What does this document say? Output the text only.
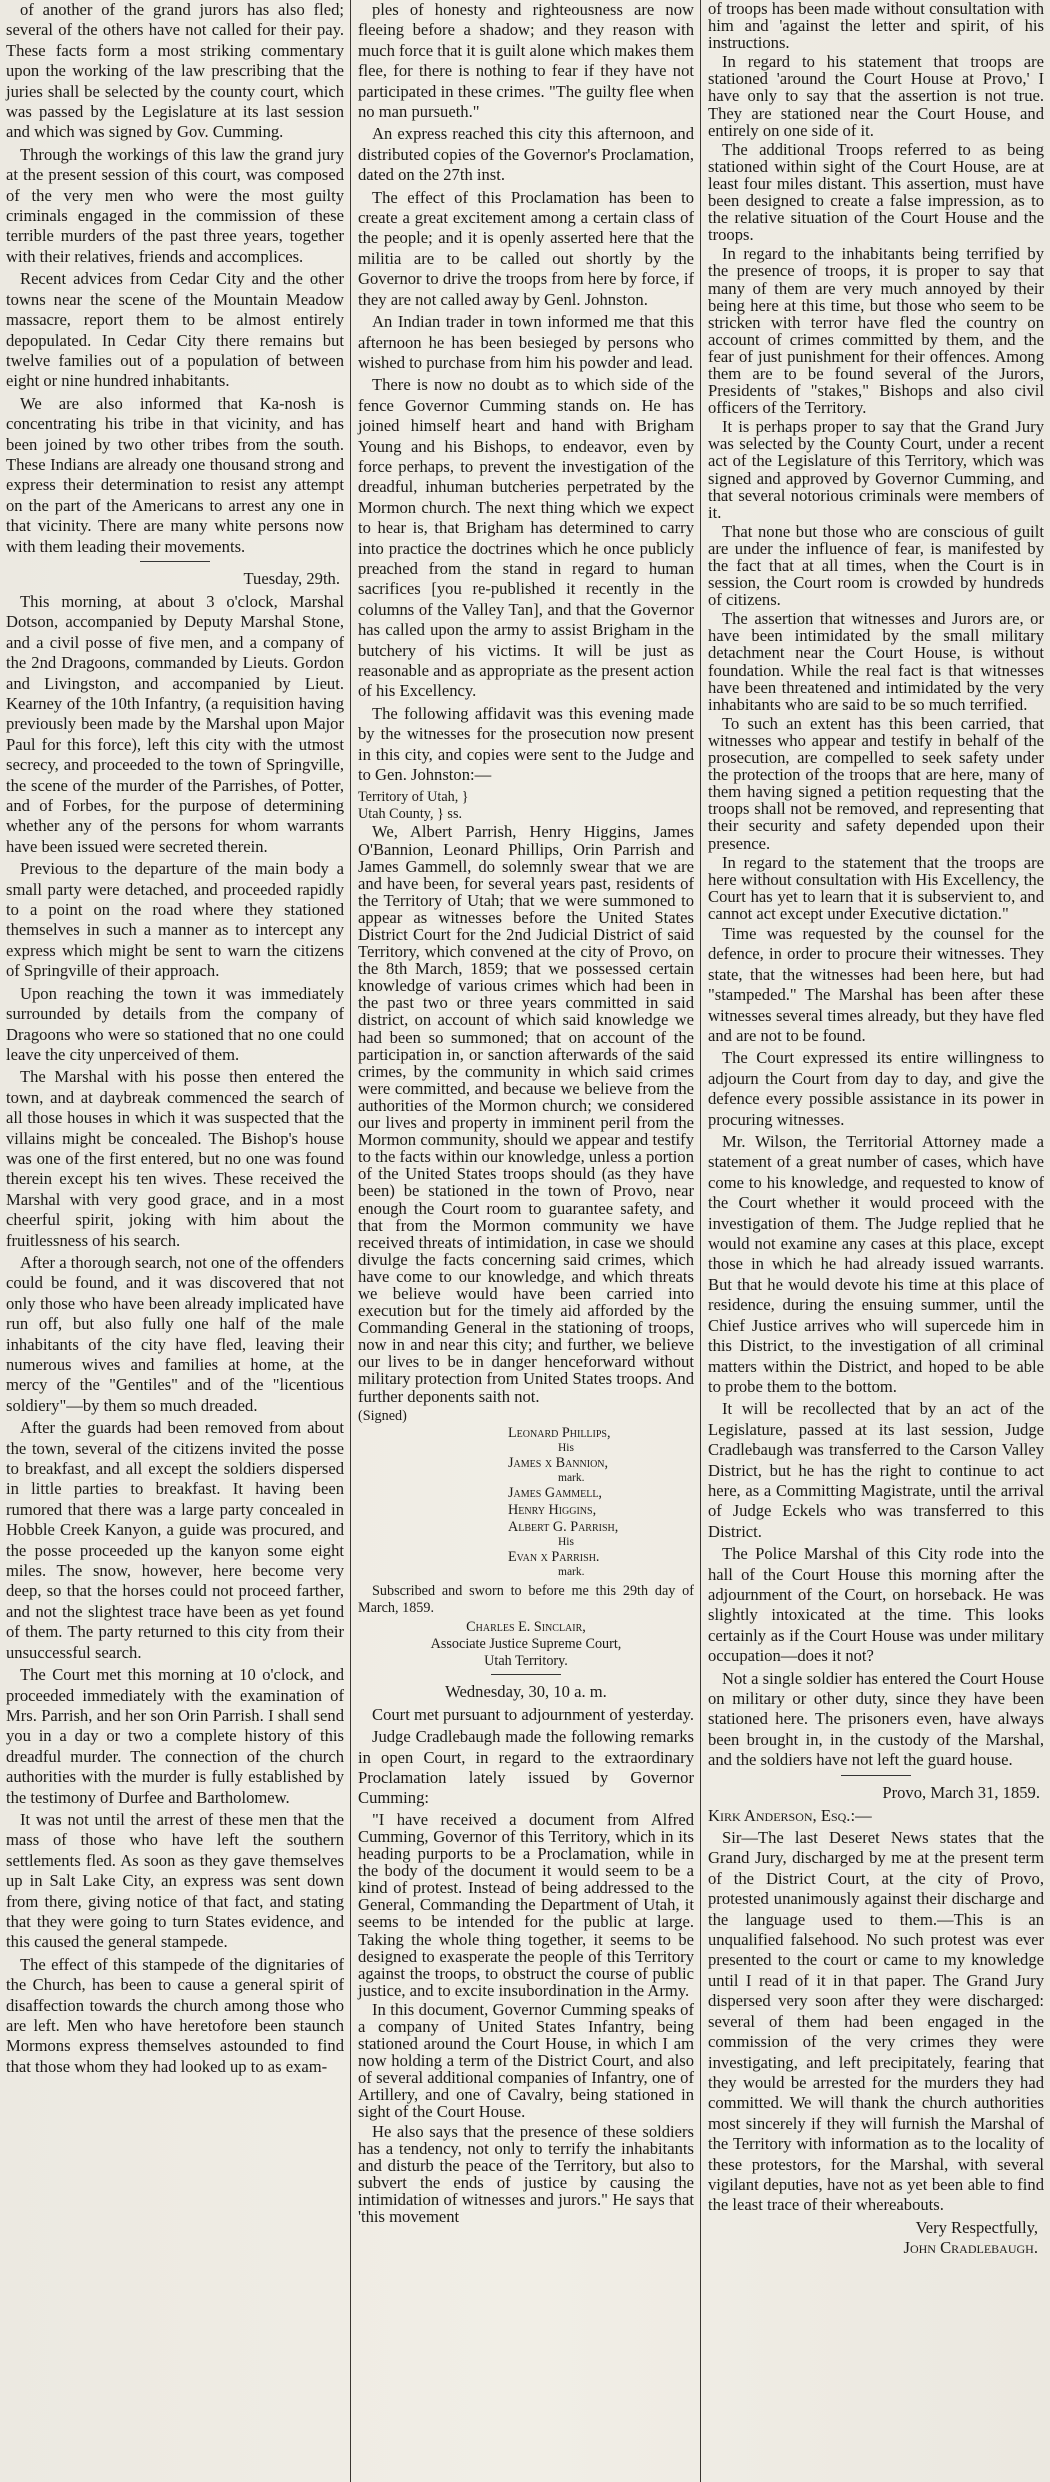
of another of the grand jurors has also fled; several of the others have not called for their pay. These facts form a most striking commentary upon the working of the law prescribing that the juries shall be selected by the county court, which was passed by the Legislature at its last session and which was signed by Gov. Cumming.

Through the workings of this law the grand jury at the present session of this court, was composed of the very men who were the most guilty criminals engaged in the commission of these terrible murders of the past three years, together with their relatives, friends and accomplices.

Recent advices from Cedar City and the other towns near the scene of the Mountain Meadow massacre, report them to be almost entirely depopulated. In Cedar City there remains but twelve families out of a population of between eight or nine hundred inhabitants.

We are also informed that Ka-nosh is concentrating his tribe in that vicinity, and has been joined by two other tribes from the south. These Indians are already one thousand strong and express their determination to resist any attempt on the part of the Americans to arrest any one in that vicinity. There are many white persons now with them leading their movements.

Tuesday, 29th.

This morning, at about 3 o'clock, Marshal Dotson, accompanied by Deputy Marshal Stone, and a civil posse of five men, and a company of the 2nd Dragoons, commanded by Lieuts. Gordon and Livingston, and accompanied by Lieut. Kearney of the 10th Infantry, (a requisition having previously been made by the Marshal upon Major Paul for this force), left this city with the utmost secrecy, and proceeded to the town of Springville, the scene of the murder of the Parrishes, of Potter, and of Forbes, for the purpose of determining whether any of the persons for whom warrants have been issued were secreted therein.

Previous to the departure of the main body a small party were detached, and proceeded rapidly to a point on the road where they stationed themselves in such a manner as to intercept any express which might be sent to warn the citizens of Springville of their approach.

Upon reaching the town it was immediately surrounded by details from the company of Dragoons who were so stationed that no one could leave the city unperceived of them.

The Marshal with his posse then entered the town, and at daybreak commenced the search of all those houses in which it was suspected that the villains might be concealed. The Bishop's house was one of the first entered, but no one was found therein except his ten wives. These received the Marshal with very good grace, and in a most cheerful spirit, joking with him about the fruitlessness of his search.

After a thorough search, not one of the offenders could be found, and it was discovered that not only those who have been already implicated have run off, but also fully one half of the male inhabitants of the city have fled, leaving their numerous wives and families at home, at the mercy of the "Gentiles" and of the "licentious soldiery"—by them so much dreaded.

After the guards had been removed from about the town, several of the citizens invited the posse to breakfast, and all except the soldiers dispersed in little parties to breakfast. It having been rumored that there was a large party concealed in Hobble Creek Kanyon, a guide was procured, and the posse proceeded up the kanyon some eight miles. The snow, however, here become very deep, so that the horses could not proceed farther, and not the slightest trace have been as yet found of them. The party returned to this city from their unsuccessful search.

The Court met this morning at 10 o'clock, and proceeded immediately with the examination of Mrs. Parrish, and her son Orin Parrish. I shall send you in a day or two a complete history of this dreadful murder. The connection of the church authorities with the murder is fully established by the testimony of Durfee and Bartholomew.

It was not until the arrest of these men that the mass of those who have left the southern settlements fled. As soon as they gave themselves up in Salt Lake City, an express was sent down from there, giving notice of that fact, and stating that they were going to turn States evidence, and this caused the general stampede.

The effect of this stampede of the dignitaries of the Church, has been to cause a general spirit of disaffection towards the church among those who are left. Men who have heretofore been staunch Mormons express themselves astounded to find that those whom they had looked up to as exam-

ples of honesty and righteousness are now fleeing before a shadow; and they reason with much force that it is guilt alone which makes them flee, for there is nothing to fear if they have not participated in these crimes. "The guilty flee when no man pursueth."

An express reached this city this afternoon, and distributed copies of the Governor's Proclamation, dated on the 27th inst.

The effect of this Proclamation has been to create a great excitement among a certain class of the people; and it is openly asserted here that the militia are to be called out shortly by the Governor to drive the troops from here by force, if they are not called away by Genl. Johnston.

An Indian trader in town informed me that this afternoon he has been besieged by persons who wished to purchase from him his powder and lead.

There is now no doubt as to which side of the fence Governor Cumming stands on. He has joined himself heart and hand with Brigham Young and his Bishops, to endeavor, even by force perhaps, to prevent the investigation of the dreadful, inhuman butcheries perpetrated by the Mormon church. The next thing which we expect to hear is, that Brigham has determined to carry into practice the doctrines which he once publicly preached from the stand in regard to human sacrifices [you re-published it recently in the columns of the Valley Tan], and that the Governor has called upon the army to assist Brigham in the butchery of his victims. It will be just as reasonable and as appropriate as the present action of his Excellency.

The following affidavit was this evening made by the witnesses for the prosecution now present in this city, and copies were sent to the Judge and to Gen. Johnston:—

Territory of Utah, }

Utah County, } ss.

We, Albert Parrish, Henry Higgins, James O'Bannion, Leonard Phillips, Orin Parrish and James Gammell, do solemnly swear that we are and have been, for several years past, residents of the Territory of Utah; that we were summoned to appear as witnesses before the United States District Court for the 2nd Judicial District of said Territory, which convened at the city of Provo, on the 8th March, 1859; that we possessed certain knowledge of various crimes which had been in the past two or three years committed in said district, on account of which said knowledge we had been so summoned; that on account of the participation in, or sanction afterwards of the said crimes, by the community in which said crimes were committed, and because we believe from the authorities of the Mormon church; we considered our lives and property in imminent peril from the Mormon community, should we appear and testify to the facts within our knowledge, unless a portion of the United States troops should (as they have been) be stationed in the town of Provo, near enough the Court room to guarantee safety, and that from the Mormon community we have received threats of intimidation, in case we should divulge the facts concerning said crimes, which have come to our knowledge, and which threats we believe would have been carried into execution but for the timely aid afforded by the Commanding General in the stationing of troops, now in and near this city; and further, we believe our lives to be in danger henceforward without military protection from United States troops. And further deponents saith not.

(Signed)
Leonard Phillips,
His
James x Bannion,
mark.
James Gammell,
Henry Higgins,
Albert G. Parrish,
His
Evan x Parrish.
mark.

Subscribed and sworn to before me this 29th day of March, 1859.

Charles E. Sinclair,

Associate Justice Supreme Court,

Utah Territory.

Wednesday, 30, 10 a. m.

Court met pursuant to adjournment of yesterday.

Judge Cradlebaugh made the following remarks in open Court, in regard to the extraordinary Proclamation lately issued by Governor Cumming:

"I have received a document from Alfred Cumming, Governor of this Territory, which in its heading purports to be a Proclamation, while in the body of the document it would seem to be a kind of protest. Instead of being addressed to the General, Commanding the Department of Utah, it seems to be intended for the public at large. Taking the whole thing together, it seems to be designed to exasperate the people of this Territory against the troops, to obstruct the course of public justice, and to excite insubordination in the Army.

In this document, Governor Cumming speaks of a company of United States Infantry, being stationed around the Court House, in which I am now holding a term of the District Court, and also of several additional companies of Infantry, one of Artillery, and one of Cavalry, being stationed in sight of the Court House.

He also says that the presence of these soldiers has a tendency, not only to terrify the inhabitants and disturb the peace of the Territory, but also to subvert the ends of justice by causing the intimidation of witnesses and jurors." He says that 'this movement

of troops has been made without consultation with him and 'against the letter and spirit, of his instructions.

In regard to his statement that troops are stationed 'around the Court House at Provo,' I have only to say that the assertion is not true. They are stationed near the Court House, and entirely on one side of it.

The additional Troops referred to as being stationed within sight of the Court House, are at least four miles distant. This assertion, must have been designed to create a false impression, as to the relative situation of the Court House and the troops.

In regard to the inhabitants being terrified by the presence of troops, it is proper to say that many of them are very much annoyed by their being here at this time, but those who seem to be stricken with terror have fled the country on account of crimes committed by them, and the fear of just punishment for their offences. Among them are to be found several of the Jurors, Presidents of "stakes," Bishops and also civil officers of the Territory.

It is perhaps proper to say that the Grand Jury was selected by the County Court, under a recent act of the Legislature of this Territory, which was signed and approved by Governor Cumming, and that several notorious criminals were members of it.

That none but those who are conscious of guilt are under the influence of fear, is manifested by the fact that at all times, when the Court is in session, the Court room is crowded by hundreds of citizens.

The assertion that witnesses and Jurors are, or have been intimidated by the small military detachment near the Court House, is without foundation. While the real fact is that witnesses have been threatened and intimidated by the very inhabitants who are said to be so much terrified.

To such an extent has this been carried, that witnesses who appear and testify in behalf of the prosecution, are compelled to seek safety under the protection of the troops that are here, many of them having signed a petition requesting that the troops shall not be removed, and representing that their security and safety depended upon their presence.

In regard to the statement that the troops are here without consultation with His Excellency, the Court has yet to learn that it is subservient to, and cannot act except under Executive dictation."

Time was requested by the counsel for the defence, in order to procure their witnesses. They state, that the witnesses had been here, but had "stampeded." The Marshal has been after these witnesses several times already, but they have fled and are not to be found.

The Court expressed its entire willingness to adjourn the Court from day to day, and give the defence every possible assistance in its power in procuring witnesses.

Mr. Wilson, the Territorial Attorney made a statement of a great number of cases, which have come to his knowledge, and requested to know of the Court whether it would proceed with the investigation of them. The Judge replied that he would not examine any cases at this place, except those in which he had already issued warrants. But that he would devote his time at this place of residence, during the ensuing summer, until the Chief Justice arrives who will supercede him in this District, to the investigation of all criminal matters within the District, and hoped to be able to probe them to the bottom.

It will be recollected that by an act of the Legislature, passed at its last session, Judge Cradlebaugh was transferred to the Carson Valley District, but he has the right to continue to act here, as a Committing Magistrate, until the arrival of Judge Eckels who was transferred to this District.

The Police Marshal of this City rode into the hall of the Court House this morning after the adjournment of the Court, on horseback. He was slightly intoxicated at the time. This looks certainly as if the Court House was under military occupation—does it not?

Not a single soldier has entered the Court House on military or other duty, since they have been stationed here. The prisoners even, have always been brought in, in the custody of the Marshal, and the soldiers have not left the guard house.

Provo, March 31, 1859.

Kirk Anderson, Esq.:—

Sir—The last Deseret News states that the Grand Jury, discharged by me at the present term of the District Court, at the city of Provo, protested unanimously against their discharge and the language used to them.—This is an unqualified falsehood. No such protest was ever presented to the court or came to my knowledge until I read of it in that paper. The Grand Jury dispersed very soon after they were discharged: several of them had been engaged in the commission of the very crimes they were investigating, and left precipitately, fearing that they would be arrested for the murders they had committed. We will thank the church authorities most sincerely if they will furnish the Marshal of the Territory with information as to the locality of these protestors, for the Marshal, with several vigilant deputies, have not as yet been able to find the least trace of their whereabouts.

Very Respectfully,

John Cradlebaugh.
